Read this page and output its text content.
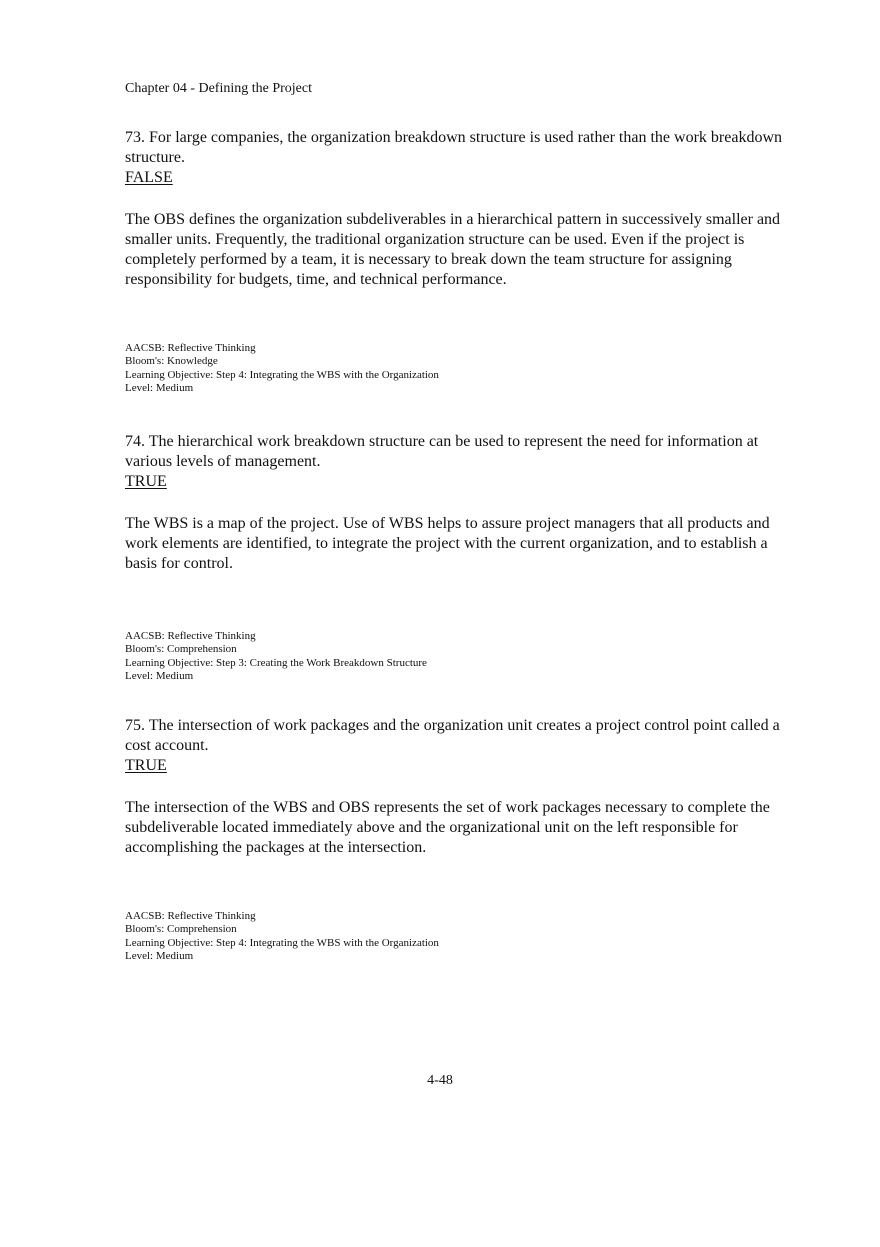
Chapter 04 - Defining the Project

73. For large companies, the organization breakdown structure is used rather than the work breakdown structure.

FALSE

The OBS defines the organization subdeliverables in a hierarchical pattern in successively smaller and smaller units. Frequently, the traditional organization structure can be used. Even if the project is completely performed by a team, it is necessary to break down the team structure for assigning responsibility for budgets, time, and technical performance.

AACSB: Reflective Thinking
Bloom's: Knowledge
Learning Objective: Step 4: Integrating the WBS with the Organization
Level: Medium

74. The hierarchical work breakdown structure can be used to represent the need for information at various levels of management.

TRUE

The WBS is a map of the project. Use of WBS helps to assure project managers that all products and work elements are identified, to integrate the project with the current organization, and to establish a basis for control.

AACSB: Reflective Thinking
Bloom's: Comprehension
Learning Objective: Step 3: Creating the Work Breakdown Structure
Level: Medium

75. The intersection of work packages and the organization unit creates a project control point called a cost account.

TRUE

The intersection of the WBS and OBS represents the set of work packages necessary to complete the subdeliverable located immediately above and the organizational unit on the left responsible for accomplishing the packages at the intersection.

AACSB: Reflective Thinking
Bloom's: Comprehension
Learning Objective: Step 4: Integrating the WBS with the Organization
Level: Medium
4-48
